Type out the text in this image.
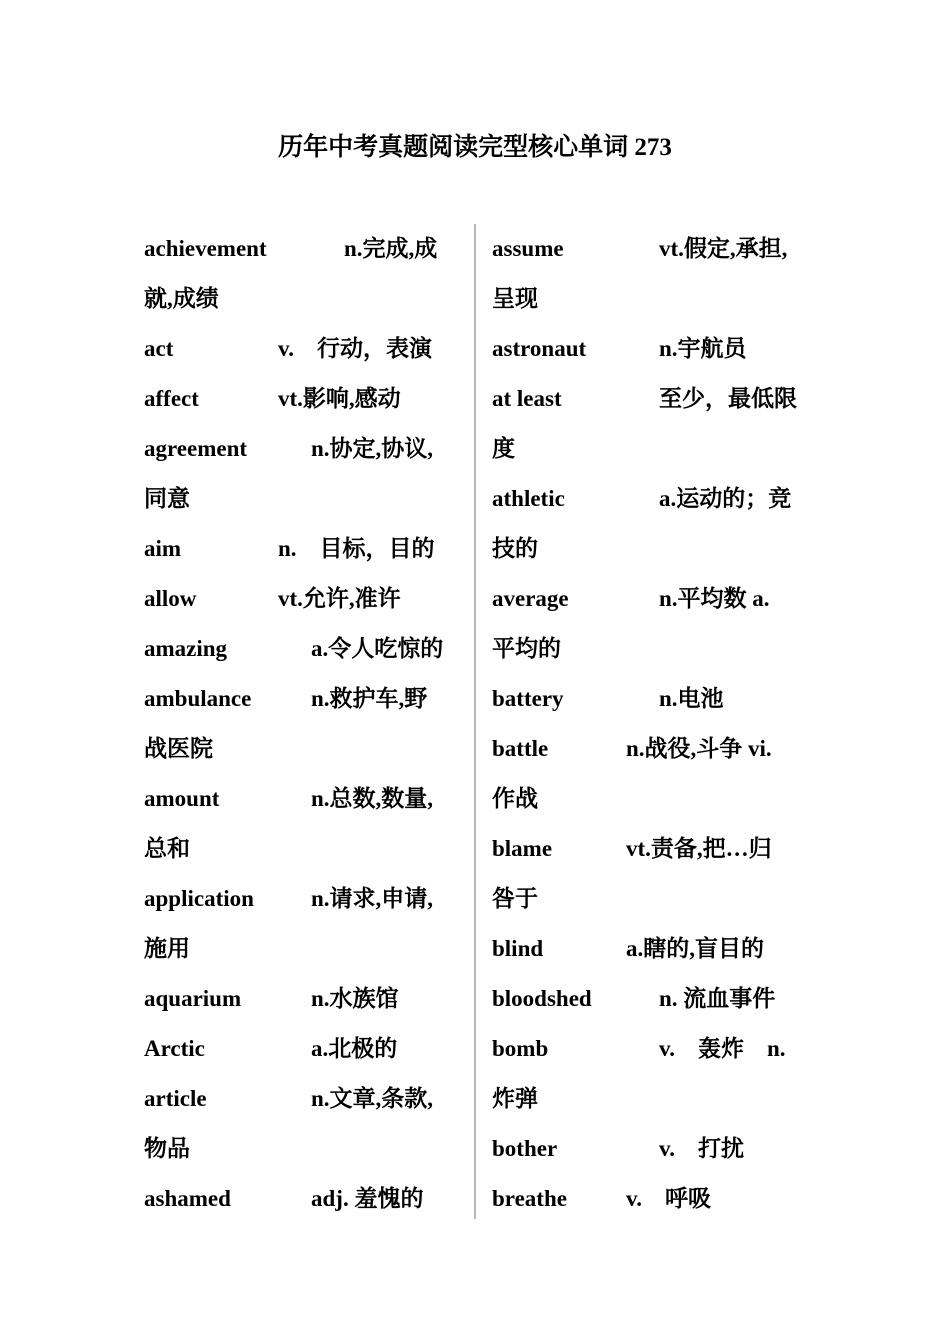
历年中考真题阅读完型核心单词 273
achievement	n.完成,成
就,成绩
act	v.　行动，表演
affect	vt.影响,感动
agreement	n.协定,协议,
同意
aim	n.　目标，目的
allow	vt.允许,准许
amazing	a.令人吃惊的
ambulance	n.救护车,野
战医院
amount	n.总数,数量,
总和
application n.请求,申请,
施用
aquarium	n.水族馆
Arctic	a.北极的
article	n.文章,条款,
物品
ashamed	adj. 羞愧的
assume	vt.假定,承担,
呈现
astronaut	n.宇航员
at least	至少，最低限
度
athletic	a.运动的；竞
技的
average	n.平均数 a.
平均的
battery	n.电池
battle	n.战役,斗争 vi.
作战
blame	vt.责备,把…归
咎于
blind	a.瞎的,盲目的
bloodshed	n. 流血事件
bomb	v.　轰炸　n.
炸弹
bother	v.　打扰
breathe	v.　呼吸
